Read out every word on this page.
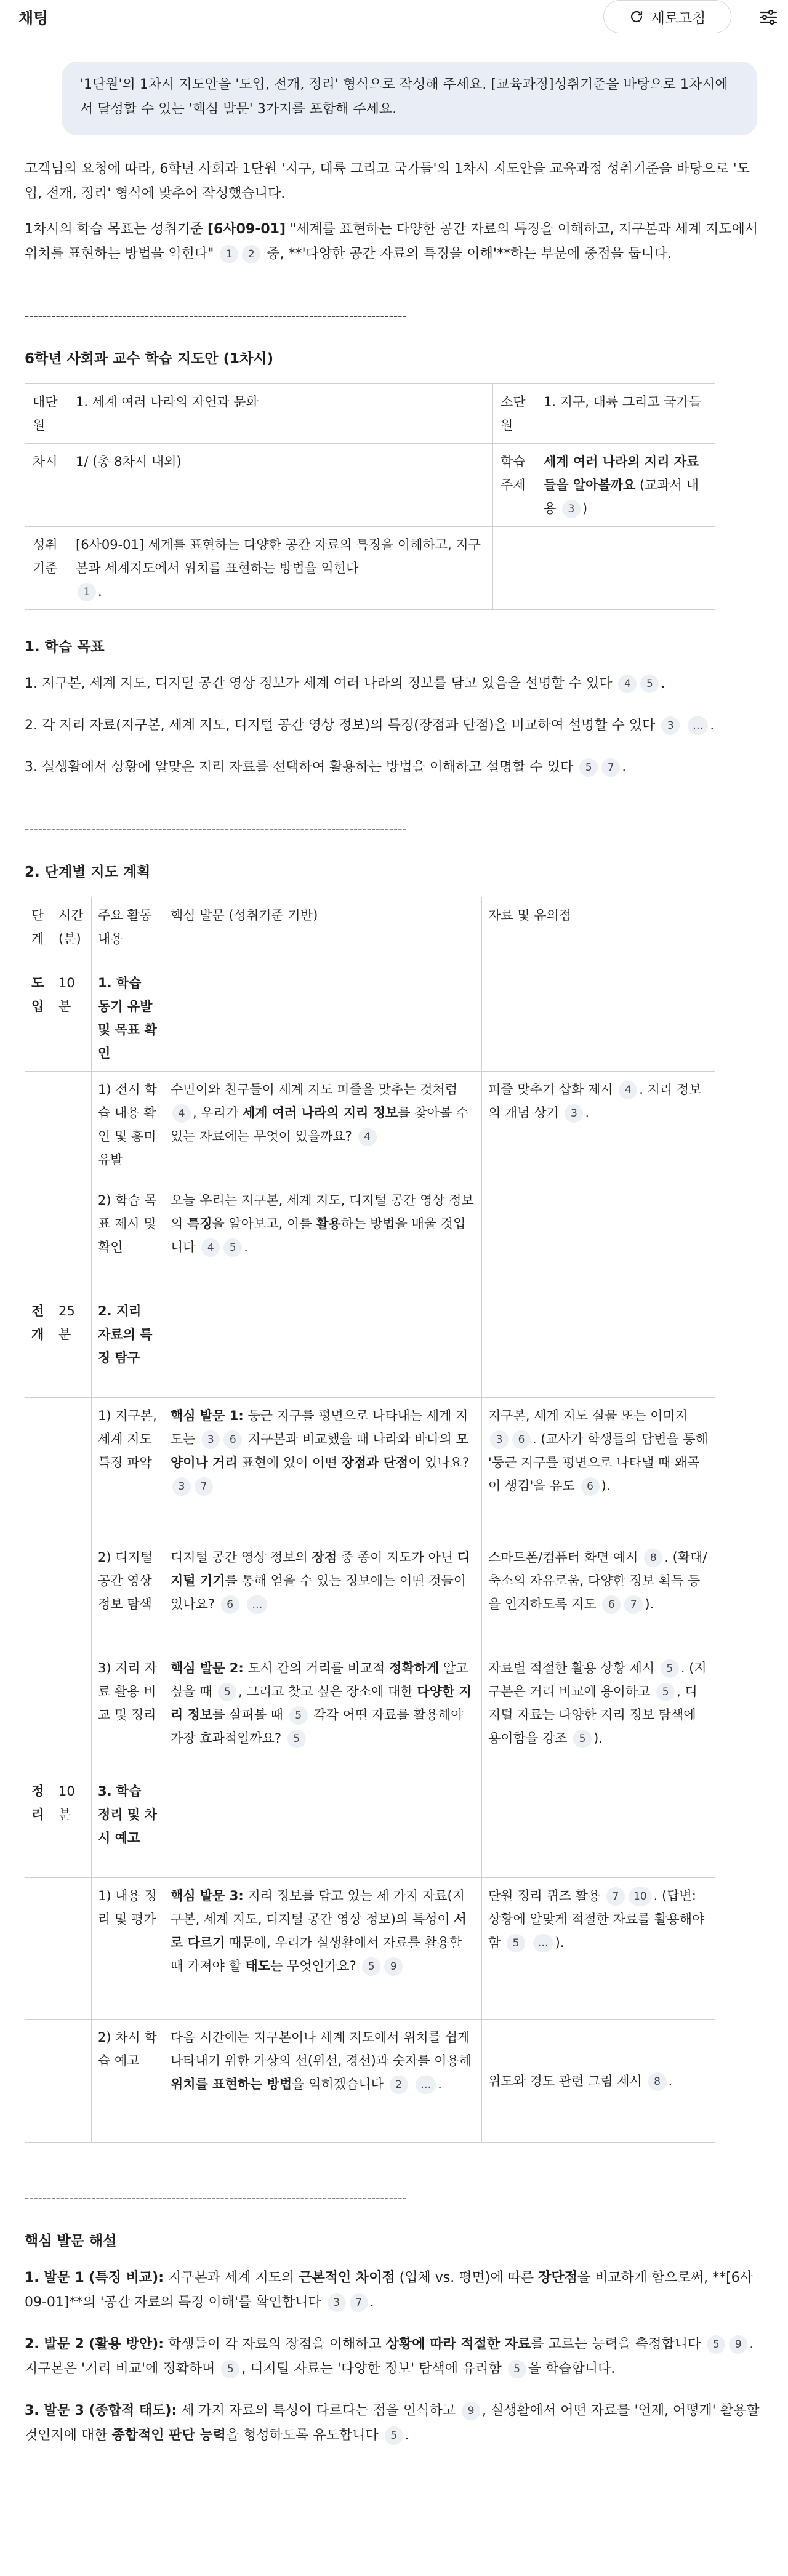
채팅	새로고침
'1단원'의 1차시 지도안을 '도입, 전개, 정리' 형식으로 작성해 주세요. [교육과정]성취기준을 바탕으로 1차시에서 달성할 수 있는 '핵심 발문' 3가지를 포함해 주세요.
고객님의 요청에 따라, 6학년 사회과 1단원 '지구, 대륙 그리고 국가들'의 1차시 지도안을 교육과정 성취기준을 바탕으로 '도입, 전개, 정리' 형식에 맞추어 작성했습니다.
1차시의 학습 목표는 성취기준 [6사09-01] "세계를 표현하는 다양한 공간 자료의 특징을 이해하고, 지구본과 세계 지도에서 위치를 표현하는 방법을 익힌다" 1 2 중, **'다양한 공간 자료의 특징을 이해'**하는 부분에 중점을 둡니다.
--------------------------------------------------------------------------------------
6학년 사회과 교수 학습 지도안 (1차시)
대단원	1. 세계 여러 나라의 자연과 문화	소단원	1. 지구, 대륙 그리고 국가들
차시	1/ (총 8차시 내외)	학습 주제	세계 여러 나라의 지리 자료들을 알아볼까요 (교과서 내용 3 )
성취 기준	[6사09-01] 세계를 표현하는 다양한 공간 자료의 특징을 이해하고, 지구본과 세계지도에서 위치를 표현하는 방법을 익힌다
1 .		
1. 학습 목표
1. 지구본, 세계 지도, 디지털 공간 영상 정보가 세계 여러 나라의 정보를 담고 있음을 설명할 수 있다 4 5 .
2. 각 지리 자료(지구본, 세계 지도, 디지털 공간 영상 정보)의 특징(장점과 단점)을 비교하여 설명할 수 있다 3 … .
3. 실생활에서 상황에 알맞은 지리 자료를 선택하여 활용하는 방법을 이해하고 설명할 수 있다 5 7 .
--------------------------------------------------------------------------------------
2. 단계별 지도 계획
단계	시간 (분)	주요 활동 내용	핵심 발문 (성취기준 기반)	자료 및 유의점
도입	10분	1. 학습 동기 유발 및 목표 확인		
		1) 전시 학습 내용 확인 및 흥미 유발	수민이와 친구들이 세계 지도 퍼즐을 맞추는 것처럼 4 , 우리가 세계 여러 나라의 지리 정보를 찾아볼 수 있는 자료에는 무엇이 있을까요? 4	퍼즐 맞추기 삽화 제시 4 . 지리 정보의 개념 상기 3 .
		2) 학습 목표 제시 및 확인	오늘 우리는 지구본, 세계 지도, 디지털 공간 영상 정보의 특징을 알아보고, 이를 활용하는 방법을 배울 것입니다 4 5 .	
전개	25분	2. 지리 자료의 특징 탐구		
		1) 지구본, 세계 지도 특징 파악	핵심 발문 1: 둥근 지구를 평면으로 나타내는 세계 지도는 3 6 지구본과 비교했을 때 나라와 바다의 모양이나 거리 표현에 있어 어떤 장점과 단점이 있나요? 3 7	지구본, 세계 지도 실물 또는 이미지 3 6 . (교사가 학생들의 답변을 통해 '둥근 지구를 평면으로 나타낼 때 왜곡이 생김'을 유도 6 ).
		2) 디지털 공간 영상 정보 탐색	디지털 공간 영상 정보의 장점 중 종이 지도가 아닌 디지털 기기를 통해 얻을 수 있는 정보에는 어떤 것들이 있나요? 6 …	스마트폰/컴퓨터 화면 예시 8 . (확대/축소의 자유로움, 다양한 정보 획득 등을 인지하도록 지도 6 7 ).
		3) 지리 자료 활용 비교 및 정리	핵심 발문 2: 도시 간의 거리를 비교적 정확하게 알고 싶을 때 5 , 그리고 찾고 싶은 장소에 대한 다양한 지리 정보를 살펴볼 때 5 각각 어떤 자료를 활용해야 가장 효과적일까요? 5	자료별 적절한 활용 상황 제시 5 . (지구본은 거리 비교에 용이하고 5 , 디지털 자료는 다양한 지리 정보 탐색에 용이함을 강조 5 ).
정리	10분	3. 학습 정리 및 차시 예고		
		1) 내용 정리 및 평가	핵심 발문 3: 지리 정보를 담고 있는 세 가지 자료(지구본, 세계 지도, 디지털 공간 영상 정보)의 특성이 서로 다르기 때문에, 우리가 실생활에서 자료를 활용할 때 가져야 할 태도는 무엇인가요? 5 9	단원 정리 퀴즈 활용 7 10 . (답변: 상황에 알맞게 적절한 자료를 활용해야 함 5 … ).
		2) 차시 학습 예고	다음 시간에는 지구본이나 세계 지도에서 위치를 쉽게 나타내기 위한 가상의 선(위선, 경선)과 숫자를 이용해 위치를 표현하는 방법을 익히겠습니다 2 … .	위도와 경도 관련 그림 제시 8 .
--------------------------------------------------------------------------------------
핵심 발문 해설
1. 발문 1 (특징 비교): 지구본과 세계 지도의 근본적인 차이점 (입체 vs. 평면)에 따른 장단점을 비교하게 함으로써, **[6사09-01]**의 '공간 자료의 특징 이해'를 확인합니다 3 7 .
2. 발문 2 (활용 방안): 학생들이 각 자료의 장점을 이해하고 상황에 따라 적절한 자료를 고르는 능력을 측정합니다 5 9 . 지구본은 '거리 비교'에 정확하며 5 , 디지털 자료는 '다양한 정보' 탐색에 유리함 5 을 학습합니다.
3. 발문 3 (종합적 태도): 세 가지 자료의 특성이 다르다는 점을 인식하고 9 , 실생활에서 어떤 자료를 '언제, 어떻게' 활용할 것인지에 대한 종합적인 판단 능력을 형성하도록 유도합니다 5 .
